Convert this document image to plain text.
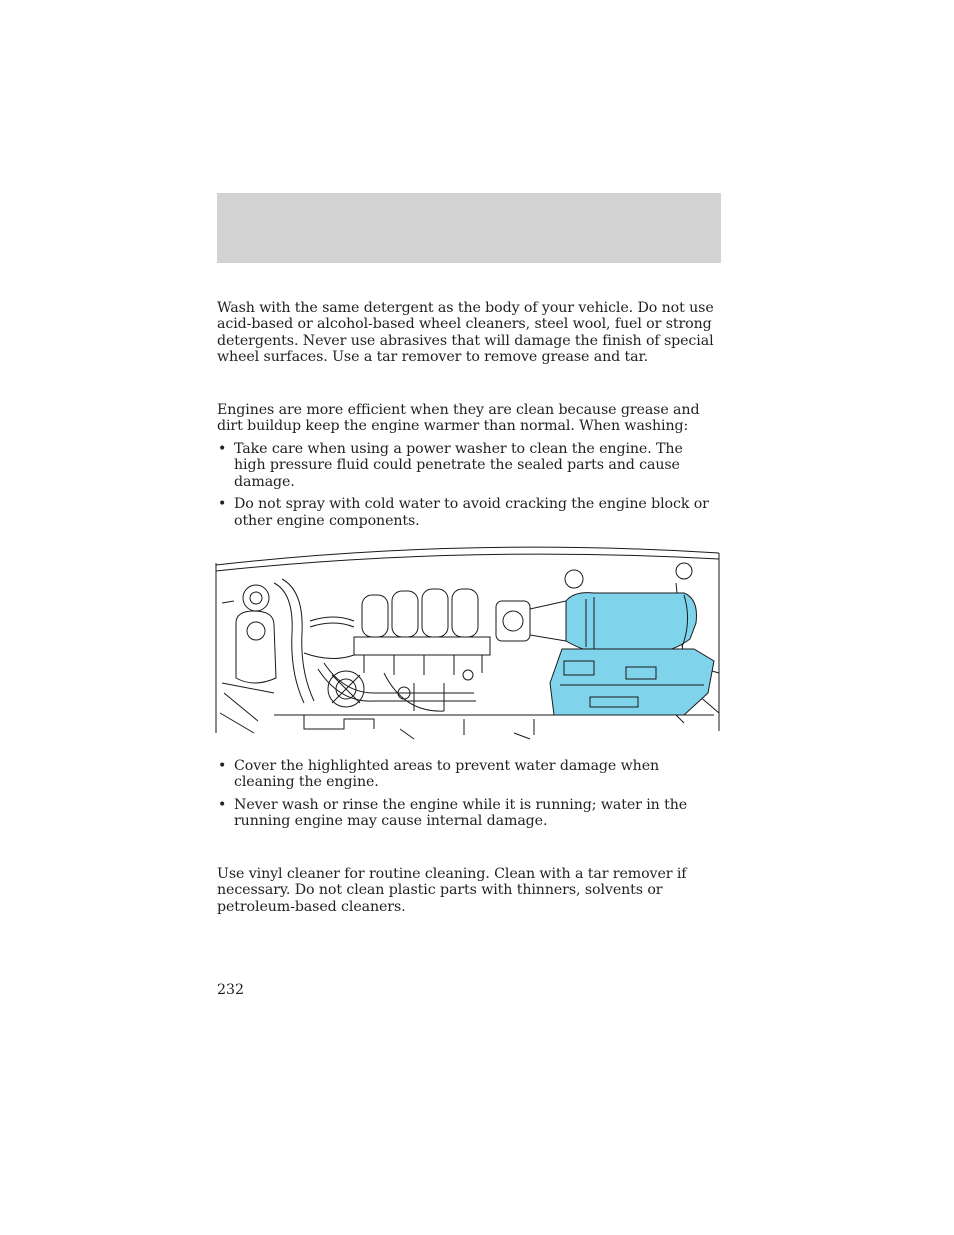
Wash with the same detergent as the body of your vehicle. Do not use acid-based or alcohol-based wheel cleaners, steel wool, fuel or strong detergents. Never use abrasives that will damage the finish of special wheel surfaces. Use a tar remover to remove grease and tar.

Engines are more efficient when they are clean because grease and dirt buildup keep the engine warmer than normal. When washing:

• Take care when using a power washer to clean the engine. The high pressure fluid could penetrate the sealed parts and cause damage.
• Do not spray with cold water to avoid cracking the engine block or other engine components.
• Cover the highlighted areas to prevent water damage when cleaning the engine.
• Never wash or rinse the engine while it is running; water in the running engine may cause internal damage.

Use vinyl cleaner for routine cleaning. Clean with a tar remover if necessary. Do not clean plastic parts with thinners, solvents or petroleum-based cleaners.

232
